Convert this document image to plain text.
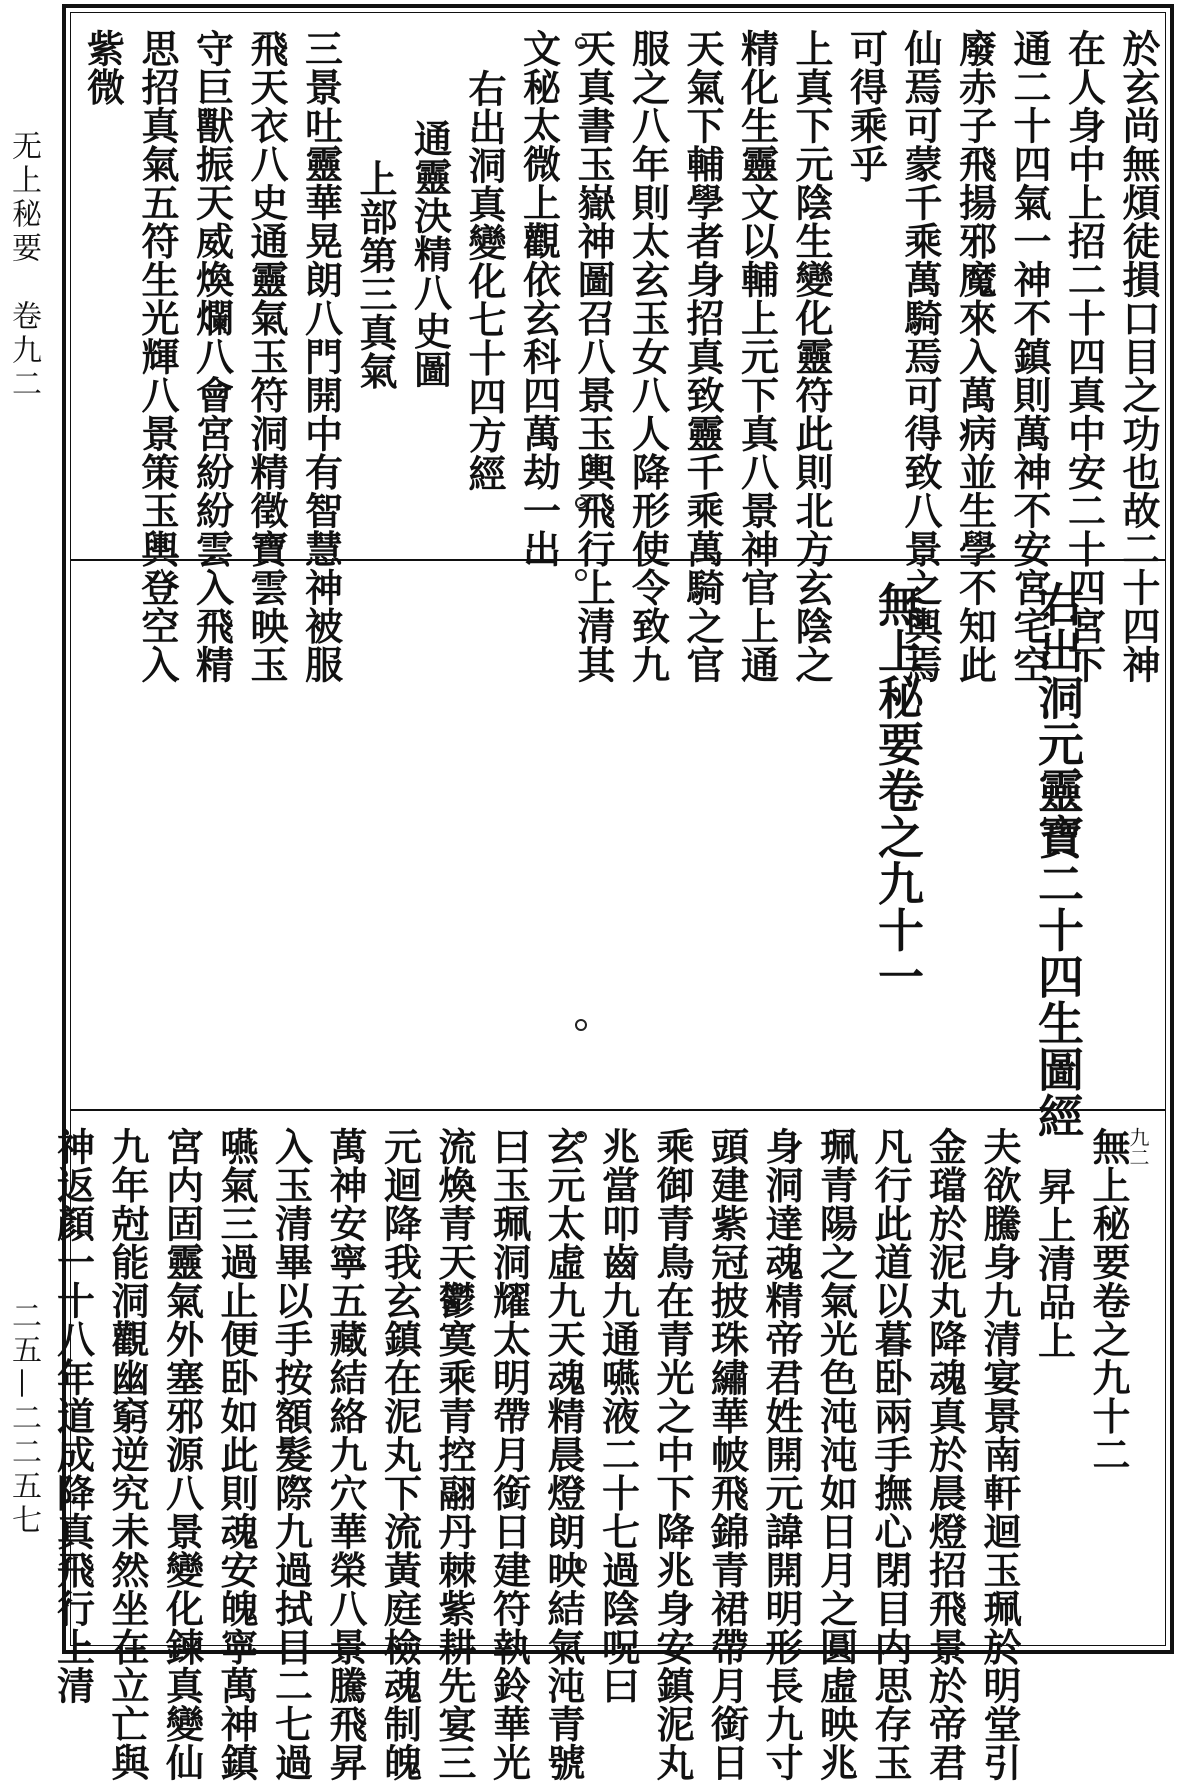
无上秘要　卷九二
二五—二二五七
於玄尚無煩徒損口目之功也故二十四神
在人身中上招二十四真中安二十四宮下
通二十四氣一神不鎮則萬神不安宮宅空
廢赤子飛揚邪魔來入萬病並生學不知此
仙焉可蒙千乘萬騎焉可得致八景之輿焉
可得乘乎
上真下元陰生變化靈符此則北方玄陰之
精化生靈文以輔上元下真八景神官上通
天氣下輔學者身招真致靈千乘萬騎之官
服之八年則太玄玉女八人降形使令致九
天真書玉嶽神圖召八景玉輿飛行上清其
文秘太微上觀依玄科四萬劫一出
右出洞真變化七十四方經
通靈決精八史圖
上部第三真氣
三景吐靈華晃朗八門開中有智慧神被服
飛天衣八史通靈氣玉符洞精徵寶雲映玉
守巨獸振天威煥爛八會宮紛紛雲入飛精
思招真氣五符生光輝八景策玉輿登空入
紫微
右出洞元靈寶二十四生圖經
無上秘要卷之九十一
九二
無上秘要卷之九十二
昇上清品上
夫欲騰身九清宴景南軒迴玉珮於明堂引
金璫於泥丸降魂真於晨燈招飛景於帝君
凡行此道以暮卧兩手撫心閉目内思存玉
珮青陽之氣光色沌沌如日月之圓虛映兆
身洞達魂精帝君姓開元諱開明形長九寸
頭建紫冠披珠繡華帔飛錦青裙帶月銜日
乘御青鳥在青光之中下降兆身安鎮泥丸
兆當叩齒九通嚥液二十七過陰呪曰
玄元太虛九天魂精晨燈朗映結氣沌青號
曰玉珮洞耀太明帶月銜日建符執鈴華光
流煥青天鬱寞乘青控翮丹棘紫耕先宴三
元迴降我玄鎮在泥丸下流黃庭檢魂制魄
萬神安寧五藏結絡九穴華榮八景騰飛昇
入玉清畢以手按額髮際九過拭目二七過
嚥氣三過止便卧如此則魂安魄寧萬神鎮
宮内固靈氣外塞邪源八景變化鍊真變仙
九年尅能洞觀幽窮逆究未然坐在立亡與
神返顏一十八年道成降真飛行上清
